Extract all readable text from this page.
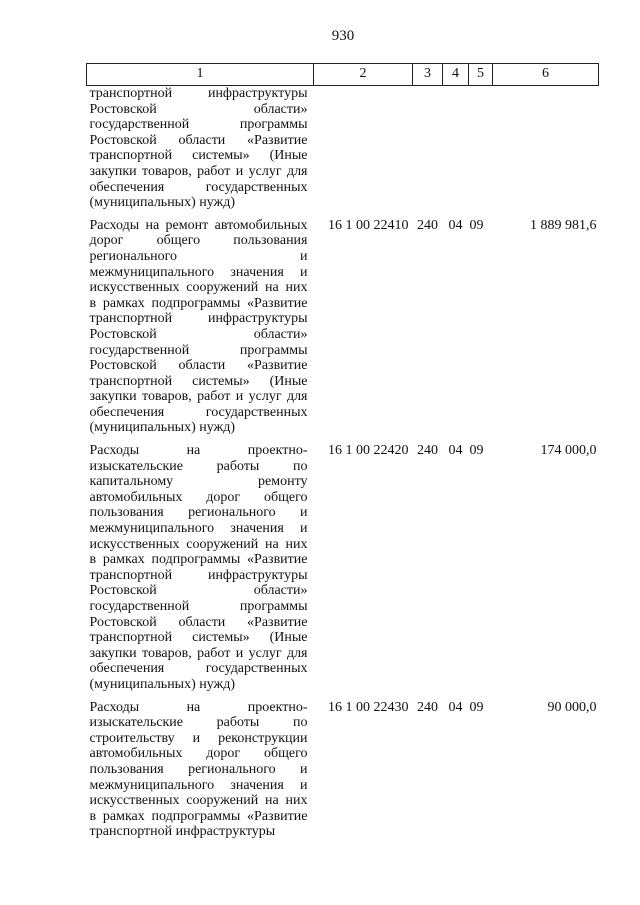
930
1	2	3	4	5	6
транспортной инфраструктуры Ростовской области» государственной программы Ростовской области «Развитие транспортной системы» (Иные закупки товаров, работ и услуг для обеспечения государственных (муниципальных) нужд)					

Расходы на ремонт автомобильных дорог общего пользования регионального и межмуниципального значения и искусственных сооружений на них в рамках подпрограммы «Развитие транспортной инфраструктуры Ростовской области» государственной программы Ростовской области «Развитие транспортной системы» (Иные закупки товаров, работ и услуг для обеспечения государственных (муниципальных) нужд)	16 1 00 22410	240	04	09	1 889 981,6

Расходы на проектно-изыскательские работы по капитальному ремонту автомобильных дорог общего пользования регионального и межмуниципального значения и искусственных сооружений на них в рамках подпрограммы «Развитие транспортной инфраструктуры Ростовской области» государственной программы Ростовской области «Развитие транспортной системы» (Иные закупки товаров, работ и услуг для обеспечения государственных (муниципальных) нужд)	16 1 00 22420	240	04	09	174 000,0

Расходы на проектно-изыскательские работы по строительству и реконструкции автомобильных дорог общего пользования регионального и межмуниципального значения и искусственных сооружений на них в рамках подпрограммы «Развитие транспортной инфраструктуры	16 1 00 22430	240	04	09	90 000,0
